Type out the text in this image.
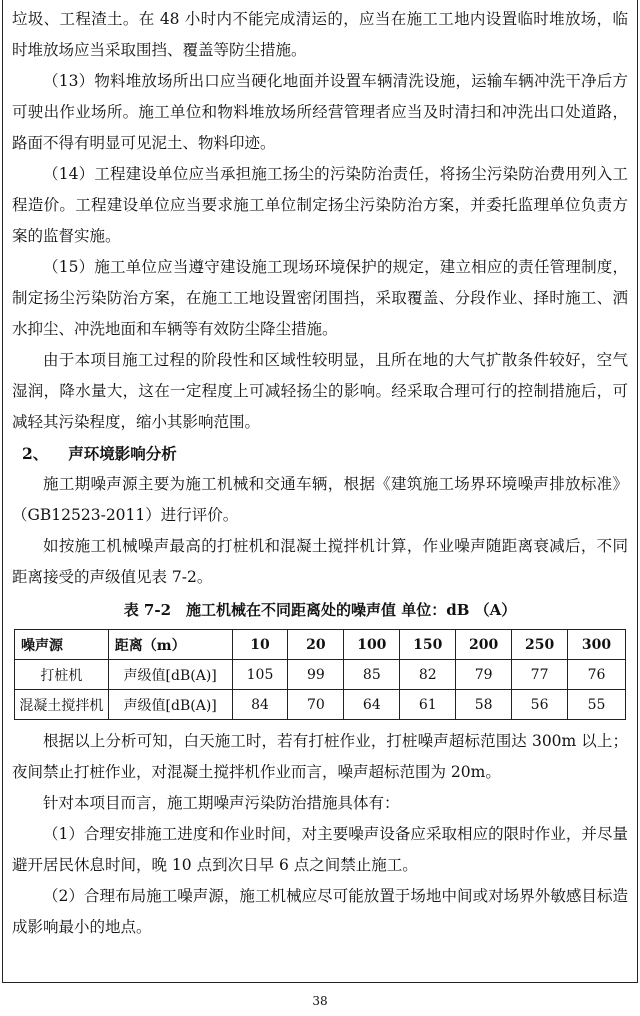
垃圾、工程渣土。在 48 小时内不能完成清运的，应当在施工工地内设置临时堆放场，临时堆放场应当采取围挡、覆盖等防尘措施。

（13）物料堆放场所出口应当硬化地面并设置车辆清洗设施，运输车辆冲洗干净后方可驶出作业场所。施工单位和物料堆放场所经营管理者应当及时清扫和冲洗出口处道路，路面不得有明显可见泥土、物料印迹。

（14）工程建设单位应当承担施工扬尘的污染防治责任，将扬尘污染防治费用列入工程造价。工程建设单位应当要求施工单位制定扬尘污染防治方案，并委托监理单位负责方案的监督实施。

（15）施工单位应当遵守建设施工现场环境保护的规定，建立相应的责任管理制度，制定扬尘污染防治方案，在施工工地设置密闭围挡，采取覆盖、分段作业、择时施工、洒水抑尘、冲洗地面和车辆等有效防尘降尘措施。

由于本项目施工过程的阶段性和区域性较明显，且所在地的大气扩散条件较好，空气湿润，降水量大，这在一定程度上可减轻扬尘的影响。经采取合理可行的控制措施后，可减轻其污染程度，缩小其影响范围。

2、 声环境影响分析

施工期噪声源主要为施工机械和交通车辆，根据《建筑施工场界环境噪声排放标准》（GB12523-2011）进行评价。

如按施工机械噪声最高的打桩机和混凝土搅拌机计算，作业噪声随距离衰减后，不同距离接受的声级值见表 7-2。

表 7-2　施工机械在不同距离处的噪声值 单位：dB （A）
噪声源	距离（m）	10	20	100	150	200	250	300
打桩机	声级值[dB(A)]	105	99	85	82	79	77	76
混凝土搅拌机	声级值[dB(A)]	84	70	64	61	58	56	55

根据以上分析可知，白天施工时，若有打桩作业，打桩噪声超标范围达 300m 以上；夜间禁止打桩作业，对混凝土搅拌机作业而言，噪声超标范围为 20m。

针对本项目而言，施工期噪声污染防治措施具体有：

（1）合理安排施工进度和作业时间，对主要噪声设备应采取相应的限时作业，并尽量避开居民休息时间，晚 10 点到次日早 6 点之间禁止施工。

（2）合理布局施工噪声源，施工机械应尽可能放置于场地中间或对场界外敏感目标造成影响最小的地点。

38
